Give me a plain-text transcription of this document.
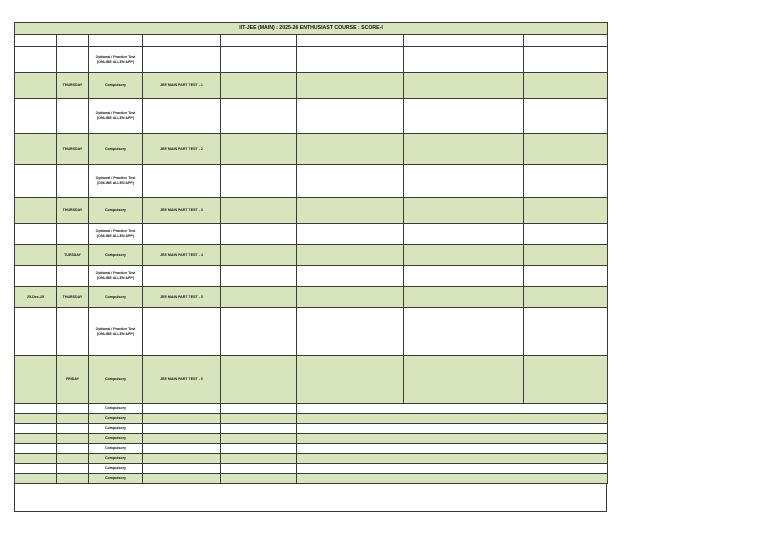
IIT-JEE (MAIN) : 2025-26 ENTHUSIAST COURSE : SCORE-I							

		Optional / Practice Test (ONLINE ALLEN APP)					

	THURSDAY	Compulsory	JEE MAIN PART TEST - 1				

		Optional / Practice Test (ONLINE ALLEN APP)					

	THURSDAY	Compulsory	JEE MAIN PART TEST - 2				

		Optional / Practice Test (ONLINE ALLEN APP)					

	THURSDAY	Compulsory	JEE MAIN PART TEST - 3				

		Optional / Practice Test (ONLINE ALLEN APP)					

	TUESDAY	Compulsory	JEE MAIN PART TEST - 4				

		Optional / Practice Test (ONLINE ALLEN APP)					

25-Dec-25	THURSDAY	Compulsory	JEE MAIN PART TEST - 5				

		Optional / Practice Test (ONLINE ALLEN APP)					

	FRIDAY	Compulsory	JEE MAIN PART TEST - 6				

		Compulsory					

		Compulsory					

		Compulsory					

		Compulsory					

		Compulsory					

		Compulsory					

		Compulsory					

		Compulsory					
